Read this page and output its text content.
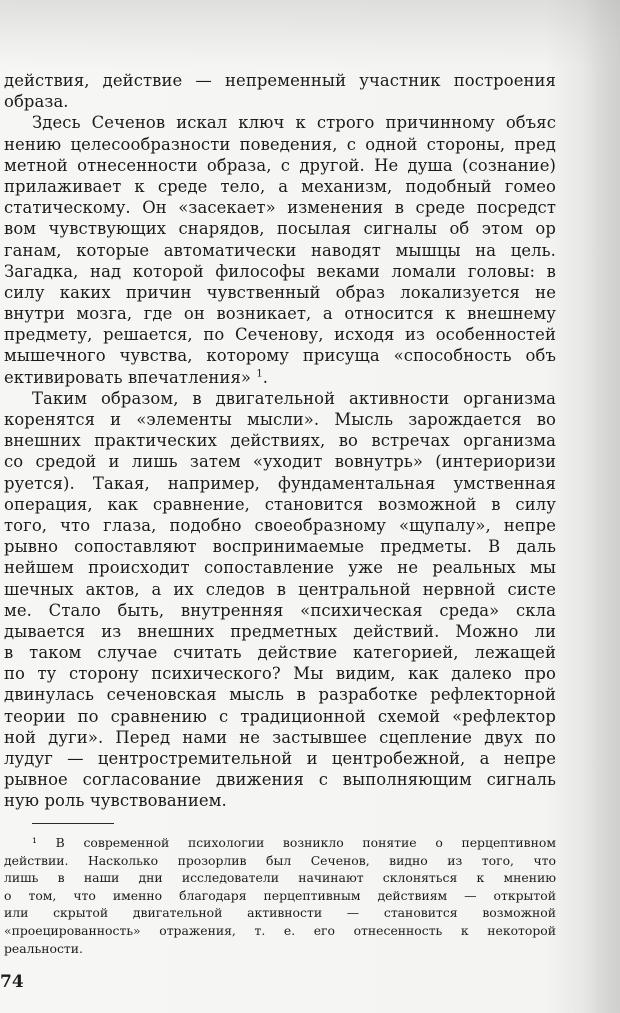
действия, действие — непременный участник построения
образа.
Здесь Сеченов искал ключ к строго причинному объяс
нению целесообразности поведения, с одной стороны, пред
метной отнесенности образа, с другой. Не душа (сознание)
прилаживает к среде тело, а механизм, подобный гомео
статическому. Он «засекает» изменения в среде посредст
вом чувствующих снарядов, посылая сигналы об этом ор
ганам, которые автоматически наводят мышцы на цель.
Загадка, над которой философы веками ломали головы: в
силу каких причин чувственный образ локализуется не
внутри мозга, где он возникает, а относится к внешнему
предмету, решается, по Сеченову, исходя из особенностей
мышечного чувства, которому присуща «способность объ
ективировать впечатления» $^1$.
Таким образом, в двигательной активности организма
коренятся и «элементы мысли». Мысль зарождается во
внешних практических действиях, во встречах организма
со средой и лишь затем «уходит вовнутрь» (интериоризи
руется). Такая, например, фундаментальная умственная
операция, как сравнение, становится возможной в силу
того, что глаза, подобно своеобразному «щупалу», непре
рывно сопоставляют воспринимаемые предметы. В даль
нейшем происходит сопоставление уже не реальных мы
шечных актов, а их следов в центральной нервной систе
ме. Стало быть, внутренняя «психическая среда» скла
дывается из внешних предметных действий. Можно ли
в таком случае считать действие категорией, лежащей
по ту сторону психического? Мы видим, как далеко про
двинулась сеченовская мысль в разработке рефлекторной
теории по сравнению с традиционной схемой «рефлектор
ной дуги». Перед нами не застывшее сцепление двух по
лудуг — центростремительной и центробежной, а непре
рывное согласование движения с выполняющим сигналь
ную роль чувствованием.
¹ В современной психологии возникло понятие о перцептивном
действии. Насколько прозорлив был Сеченов, видно из того, что
лишь в наши дни исследователи начинают склоняться к мнению
о том, что именно благодаря перцептивным действиям — открытой
или скрытой двигательной активности — становится возможной
«проецированность» отражения, т. е. его отнесенность к некоторой
реальности.
74
